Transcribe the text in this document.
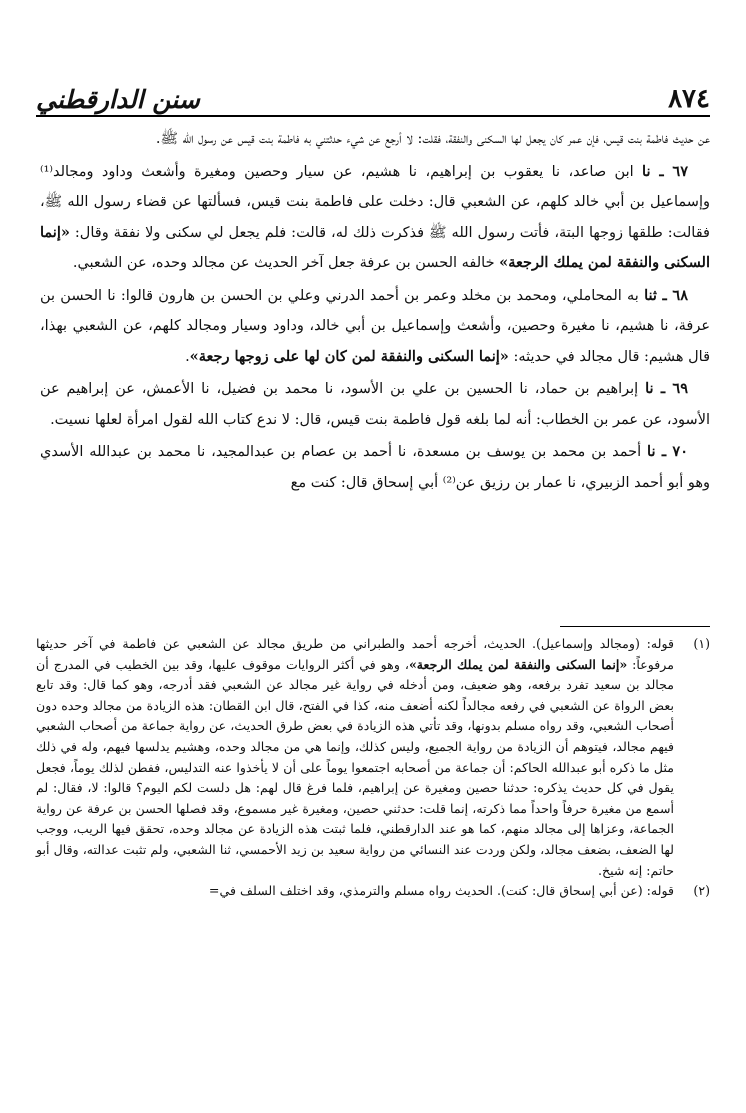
٨٧٤
سنن الدارقطني

عن حديث فاطمة بنت قيس، فإن عمر كان يجعل لها السكنى والنفقة، فقلت: لا أرجع عن شيء حدثتني به فاطمة بنت قيس عن رسول الله ﷺ.

٦٧ ـ نا ابن صاعد، نا يعقوب بن إبراهيم، نا هشيم، عن سيار وحصين ومغيرة وأشعث وداود ومجالد⁽¹⁾ وإسماعيل بن أبي خالد كلهم، عن الشعبي قال: دخلت على فاطمة بنت قيس، فسألتها عن قضاء رسول الله ﷺ، فقالت: طلقها زوجها البتة، فأتت رسول الله ﷺ فذكرت ذلك له، قالت: فلم يجعل لي سكنى ولا نفقة وقال: «إنما السكنى والنفقة لمن يملك الرجعة» خالفه الحسن بن عرفة جعل آخر الحديث عن مجالد وحده، عن الشعبي.

٦٨ ـ ثنا به المحاملي، ومحمد بن مخلد وعمر بن أحمد الدرني وعلي بن الحسن بن هارون قالوا: نا الحسن بن عرفة، نا هشيم، نا مغيرة وحصين، وأشعث وإسماعيل بن أبي خالد، وداود وسيار ومجالد كلهم، عن الشعبي بهذا، قال هشيم: قال مجالد في حديثه: «إنما السكنى والنفقة لمن كان لها على زوجها رجعة».

٦٩ ـ نا إبراهيم بن حماد، نا الحسين بن علي بن الأسود، نا محمد بن فضيل، نا الأعمش، عن إبراهيم عن الأسود، عن عمر بن الخطاب: أنه لما بلغه قول فاطمة بنت قيس، قال: لا ندع كتاب الله لقول امرأة لعلها نسيت.

٧٠ ـ نا أحمد بن محمد بن يوسف بن مسعدة، نا أحمد بن عصام بن عبدالمجيد، نا محمد بن عبدالله الأسدي وهو أبو أحمد الزبيري، نا عمار بن رزيق عن⁽²⁾ أبي إسحاق قال: كنت مع

(١)
قوله: (ومجالد وإسماعيل). الحديث، أخرجه أحمد والطبراني من طريق مجالد عن الشعبي عن فاطمة في آخر حديثها مرفوعاً: «إنما السكنى والنفقة لمن يملك الرجعة»، وهو في أكثر الروايات موقوف عليها، وقد بين الخطيب في المدرج أن مجالد بن سعيد تفرد برفعه، وهو ضعيف، ومن أدخله في رواية غير مجالد عن الشعبي فقد أدرجه، وهو كما قال: وقد تابع بعض الرواة عن الشعبي في رفعه مجالداً لكنه أضعف منه، كذا في الفتح، قال ابن القطان: هذه الزيادة من مجالد وحده دون أصحاب الشعبي، وقد رواه مسلم بدونها، وقد تأتي هذه الزيادة في بعض طرق الحديث، عن رواية جماعة من أصحاب الشعبي فيهم مجالد، فيتوهم أن الزيادة من رواية الجميع، وليس كذلك، وإنما هي من مجالد وحده، وهشيم يدلسها فيهم، وله في ذلك مثل ما ذكره أبو عبدالله الحاكم: أن جماعة من أصحابه اجتمعوا يوماً على أن لا يأخذوا عنه التدليس، ففطن لذلك يوماً، فجعل يقول في كل حديث يذكره: حدثنا حصين ومغيرة عن إبراهيم، فلما فرغ قال لهم: هل دلست لكم اليوم؟ قالوا: لا، فقال: لم أسمع من مغيرة حرفاً واحداً مما ذكرته، إنما قلت: حدثني حصين، ومغيرة غير مسموع، وقد فصلها الحسن بن عرفة عن رواية الجماعة، وعزاها إلى مجالد منهم، كما هو عند الدارقطني، فلما ثبتت هذه الزيادة عن مجالد وحده، تحقق فيها الريب، ووجب لها الضعف، بضعف مجالد، ولكن وردت عند النسائي من رواية سعيد بن زيد الأحمسي، ثنا الشعبي، ولم تثبت عدالته، وقال أبو حاتم: إنه شيخ.
(٢)
قوله: (عن أبي إسحاق قال: كنت). الحديث رواه مسلم والترمذي، وقد اختلف السلف في=
